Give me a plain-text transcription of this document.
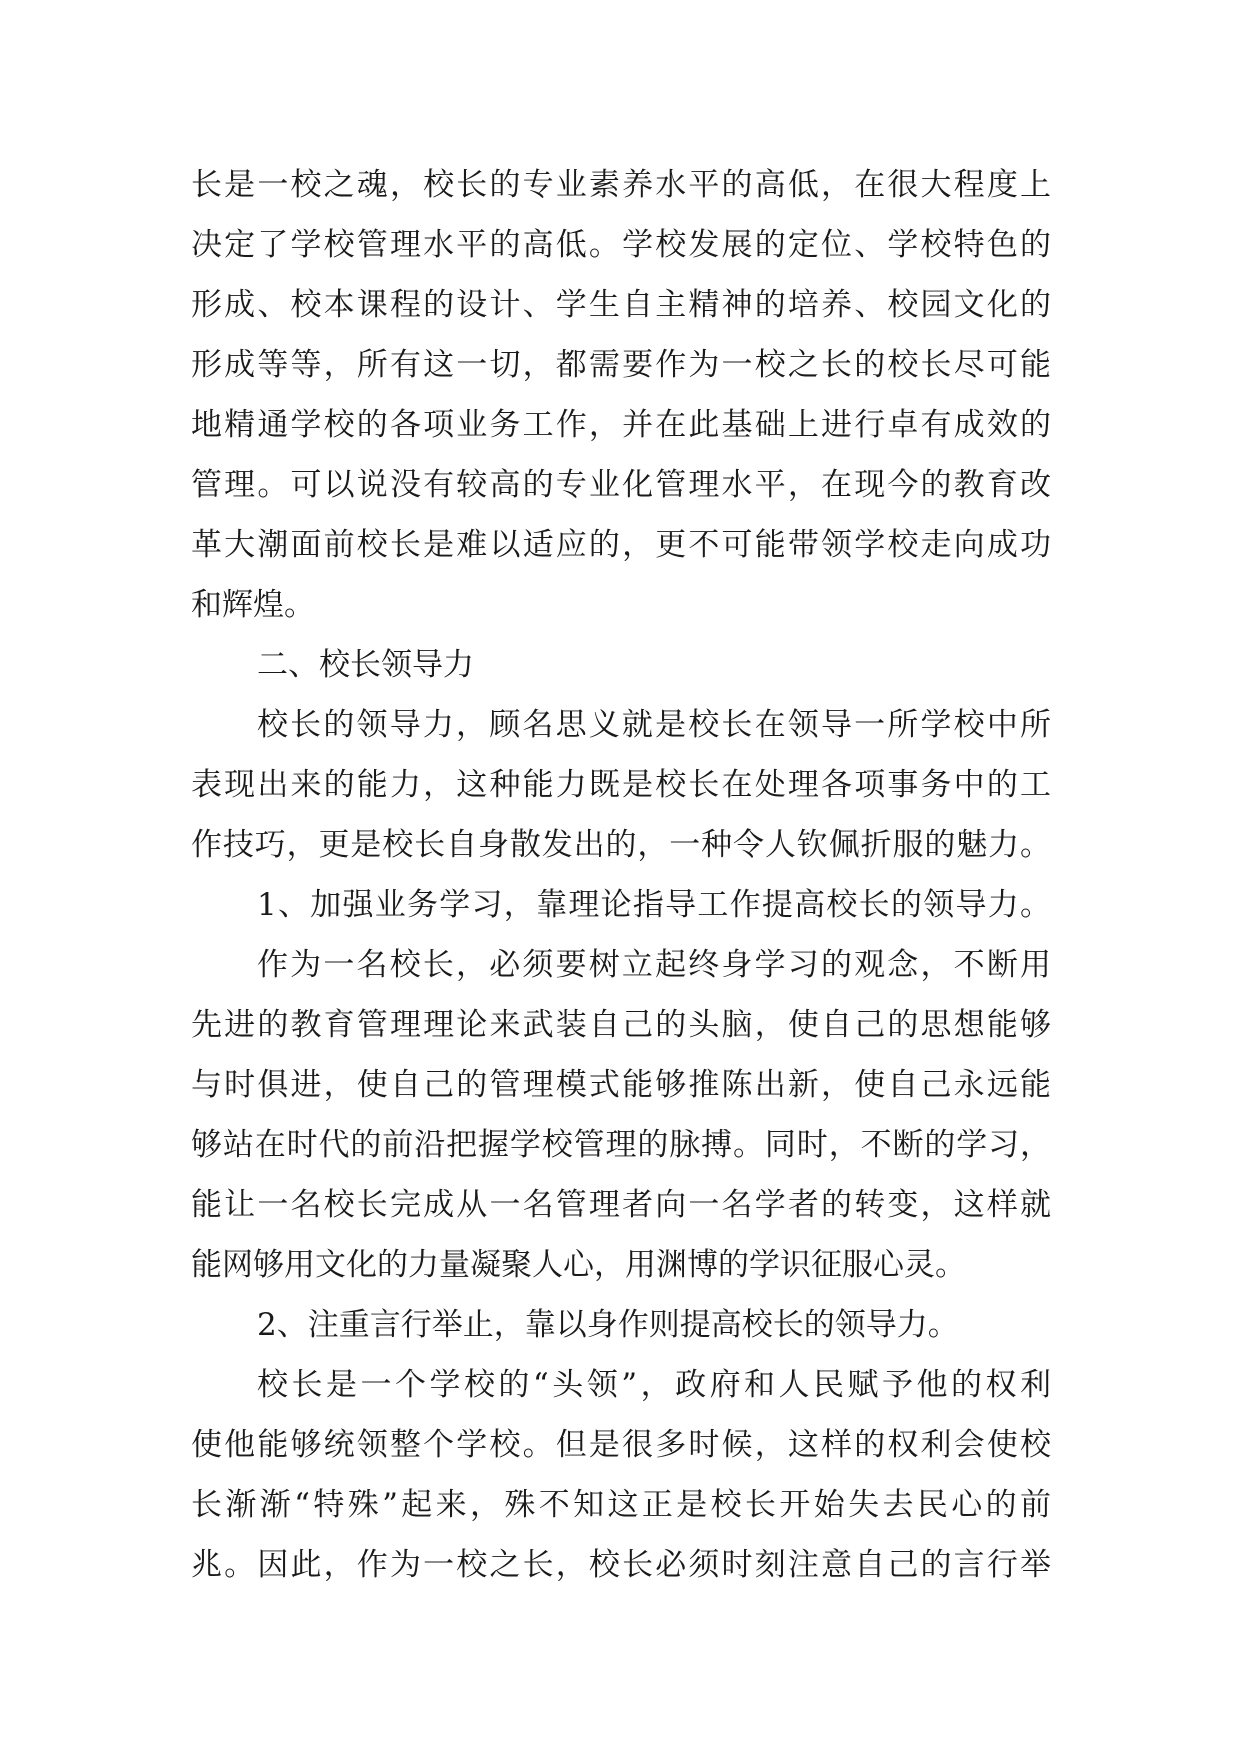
长是一校之魂，校长的专业素养水平的高低，在很大程度上
决定了学校管理水平的高低。学校发展的定位、学校特色的
形成、校本课程的设计、学生自主精神的培养、校园文化的
形成等等，所有这一切，都需要作为一校之长的校长尽可能
地精通学校的各项业务工作，并在此基础上进行卓有成效的
管理。可以说没有较高的专业化管理水平，在现今的教育改
革大潮面前校长是难以适应的，更不可能带领学校走向成功
和辉煌。
二、校长领导力
校长的领导力，顾名思义就是校长在领导一所学校中所
表现出来的能力，这种能力既是校长在处理各项事务中的工
作技巧，更是校长自身散发出的，一种令人钦佩折服的魅力。
1、加强业务学习，靠理论指导工作提高校长的领导力。
作为一名校长，必须要树立起终身学习的观念，不断用
先进的教育管理理论来武装自己的头脑，使自己的思想能够
与时俱进，使自己的管理模式能够推陈出新，使自己永远能
够站在时代的前沿把握学校管理的脉搏。同时，不断的学习，
能让一名校长完成从一名管理者向一名学者的转变，这样就
能网够用文化的力量凝聚人心，用渊博的学识征服心灵。
2、注重言行举止，靠以身作则提高校长的领导力。
校长是一个学校的“头领”，政府和人民赋予他的权利
使他能够统领整个学校。但是很多时候，这样的权利会使校
长渐渐“特殊”起来，殊不知这正是校长开始失去民心的前
兆。因此，作为一校之长，校长必须时刻注意自己的言行举
